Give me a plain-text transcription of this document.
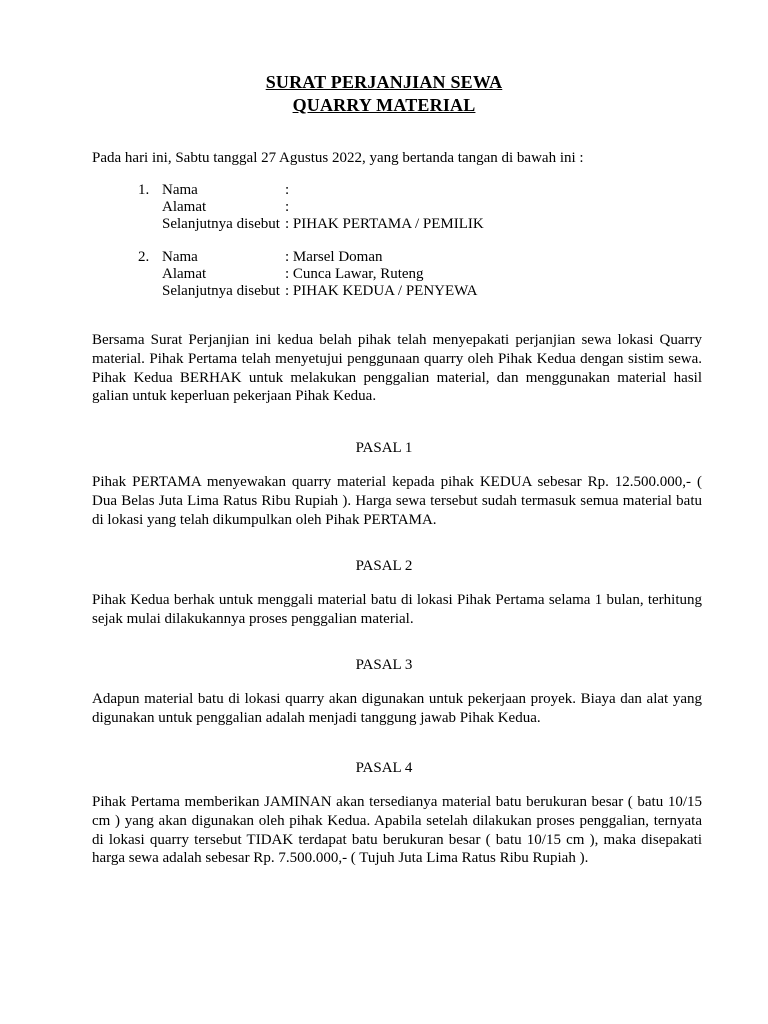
SURAT PERJANJIAN SEWA
QUARRY MATERIAL
Pada hari ini, Sabtu tanggal 27 Agustus 2022, yang bertanda tangan di bawah ini :
1. Nama	:
Alamat	:
Selanjutnya disebut : PIHAK PERTAMA / PEMILIK
2. Nama	: Marsel Doman
Alamat	: Cunca Lawar, Ruteng
Selanjutnya disebut : PIHAK KEDUA / PENYEWA
Bersama Surat Perjanjian ini kedua belah pihak telah menyepakati perjanjian sewa lokasi Quarry material. Pihak Pertama telah menyetujui penggunaan quarry oleh Pihak Kedua dengan sistim sewa. Pihak Kedua BERHAK untuk melakukan penggalian material, dan menggunakan material hasil galian untuk keperluan pekerjaan Pihak Kedua.
PASAL 1
Pihak PERTAMA menyewakan quarry material kepada pihak KEDUA sebesar Rp. 12.500.000,- ( Dua Belas Juta Lima Ratus Ribu Rupiah ). Harga sewa tersebut sudah termasuk semua material batu di lokasi yang telah dikumpulkan oleh Pihak PERTAMA.
PASAL 2
Pihak Kedua berhak untuk menggali material batu di lokasi Pihak Pertama selama 1 bulan, terhitung sejak mulai dilakukannya proses penggalian material.
PASAL 3
Adapun material batu di lokasi quarry akan digunakan untuk pekerjaan proyek. Biaya dan alat yang digunakan untuk penggalian adalah menjadi tanggung jawab Pihak Kedua.
PASAL 4
Pihak Pertama memberikan JAMINAN akan tersedianya material batu berukuran besar ( batu 10/15 cm ) yang akan digunakan oleh pihak Kedua. Apabila setelah dilakukan proses penggalian, ternyata di lokasi quarry tersebut TIDAK terdapat batu berukuran besar ( batu 10/15 cm ), maka disepakati harga sewa adalah sebesar Rp. 7.500.000,- ( Tujuh Juta Lima Ratus Ribu Rupiah ).
